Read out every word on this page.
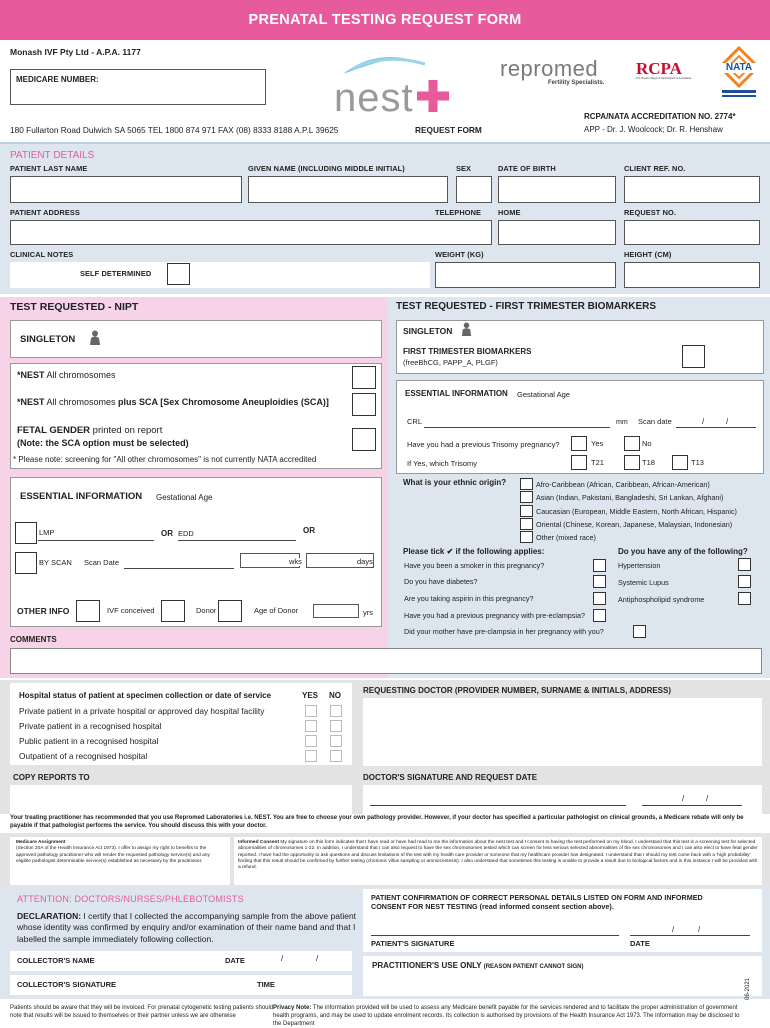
PRENATAL TESTING REQUEST FORM
Monash IVF Pty Ltd - A.P.A. 1177
MEDICARE NUMBER:	nest
repromed
Fertility Specialists.
RCPA
The Royal College of Pathologists of Australasia
NATA
180 Fullarton Road Dulwich SA 5065 TEL 1800 874 971 FAX (08) 8333 8188 A.P.L 39625	REQUEST FORM
RCPA/NATA ACCREDITATION NO. 2774*
APP - Dr. J. Woolcock; Dr. R. Henshaw
PATIENT DETAILS
PATIENT LAST NAME	GIVEN NAME (INCLUDING MIDDLE INITIAL)	SEX	DATE OF BIRTH	CLIENT REF. NO.
PATIENT ADDRESS	TELEPHONE HOME	REQUEST NO.
CLINICAL NOTES	WEIGHT (KG)	HEIGHT (CM)
SELF DETERMINED
TEST REQUESTED - NIPT
SINGLETON
*NEST All chromosomes
*NEST All chromosomes plus SCA [Sex Chromosome Aneuploidies (SCA)]
FETAL GENDER printed on report
(Note: the SCA option must be selected)
* Please note: screening for "All other chromosomes" is not currently NATA accredited
ESSENTIAL INFORMATION Gestational Age
LMP	OR EDD	OR
BY SCAN Scan Date	wks	days
OTHER INFO	IVF conceived	Donor	Age of Donor	yrs
TEST REQUESTED - FIRST TRIMESTER BIOMARKERS
SINGLETON
FIRST TRIMESTER BIOMARKERS
(freeBhCG, PAPP_A, PLGF)
ESSENTIAL INFORMATION Gestational Age
CRL	mm Scan date	/	/
Have you had a previous Trisomy pregnancy?	Yes	No
If Yes, which Trisomy	T21	T18	T13
What is your ethnic origin?	Afro-Caribbean (African, Caribbean, African-American)
Asian (Indian, Pakistani, Bangladeshi, Sri Lankan, Afghani)
Caucasian (European, Middle Eastern, North African, Hispanic)
Oriental (Chinese, Korean, Japanese, Malaysian, Indonesian)
Other (mixed race)
Please tick ✔ if the following applies:
Have you been a smoker in this pregnancy?
Do you have diabetes?
Are you taking aspirin in this pregnancy?
Have you had a previous pregnancy with pre-eclampsia?
Did your mother have pre-clampsia in her pregnancy with you?
Do you have any of the following?
Hypertension
Systemic Lupus
Antiphospholipid syndrome
COMMENTS
Hospital status of patient at specimen collection or date of service	YES NO
Private patient in a private hospital or approved day hospital facility
Private patient in a recognised hospital
Public patient in a recognised hospital
Outpatient of a recognised hospital
REQUESTING DOCTOR (PROVIDER NUMBER, SURNAME & INITIALS, ADDRESS)
COPY REPORTS TO	DOCTOR'S SIGNATURE AND REQUEST DATE
/	/
Your treating practitioner has recommended that you use Repromed Laboratories i.e. NEST. You are free to choose your own pathology provider. However, if your doctor has specified a particular pathologist on clinical grounds, a Medicare rebate will only be payable if that pathologist performs the service. You should discuss this with your doctor.
Medicare Assignment
(Section 20A of the Health Insurance Act 1973). I offer to assign my right to benefits to the approved pathology practitioner who will render the requested pathology service(s) and any eligible pathologist determinable service(s) established as necessary by the practitioner.
Informed Consent My signature on this form indicates that I have read or have had read to me the information about the nest test and I consent to having the test performed on my blood. I understand that this test is a screening test for selected abnormalities of chromosomes 1-22. In addition, I understand that I can also request to have the sex chromosomes tested which can screen for less serious selected abnormalities of the sex chromosomes and I can also elect to have fetal gender reported. I have had the opportunity to ask questions and discuss limitations of the test with my health care provider or someone that my healthcare provider has designated. I understand that I should my test come back with a 'high probability' finding that this result should be confirmed by further testing (chorionic villus sampling or amniocentesis). I also understand that sometimes this testing is unable to provide a result due to biological factors and in this instance I will be provided with a refund.
ATTENTION: DOCTORS/NURSES/PHLEBOTOMISTS
DECLARATION: I certify that I collected the accompanying sample from the above patient whose identity was confirmed by enquiry and/or examination of their name band and that I labelled the sample immediately following collection.
COLLECTOR'S NAME	DATE	/	/
COLLECTOR'S SIGNATURE	TIME
PATIENT CONFIRMATION OF CORRECT PERSONAL DETAILS LISTED ON FORM AND INFORMED CONSENT FOR NEST TESTING (read informed consent section above).
/	/
PATIENT'S SIGNATURE	DATE
PRACTITIONER'S USE ONLY (REASON PATIENT CANNOT SIGN)
Patients should be aware that they will be invoiced. For prenatal cytogenetic testing patients should note that results will be issued to themselves or their partner unless we are otherwise
Privacy Note: The information provided will be used to assess any Medicare benefit payable for the services rendered and to facilitate the proper administration of government health programs, and may be used to update enrolment records. Its collection is authorised by provisions of the Health Insurance Act 1973. The information may be disclosed to the Department
06-2021
